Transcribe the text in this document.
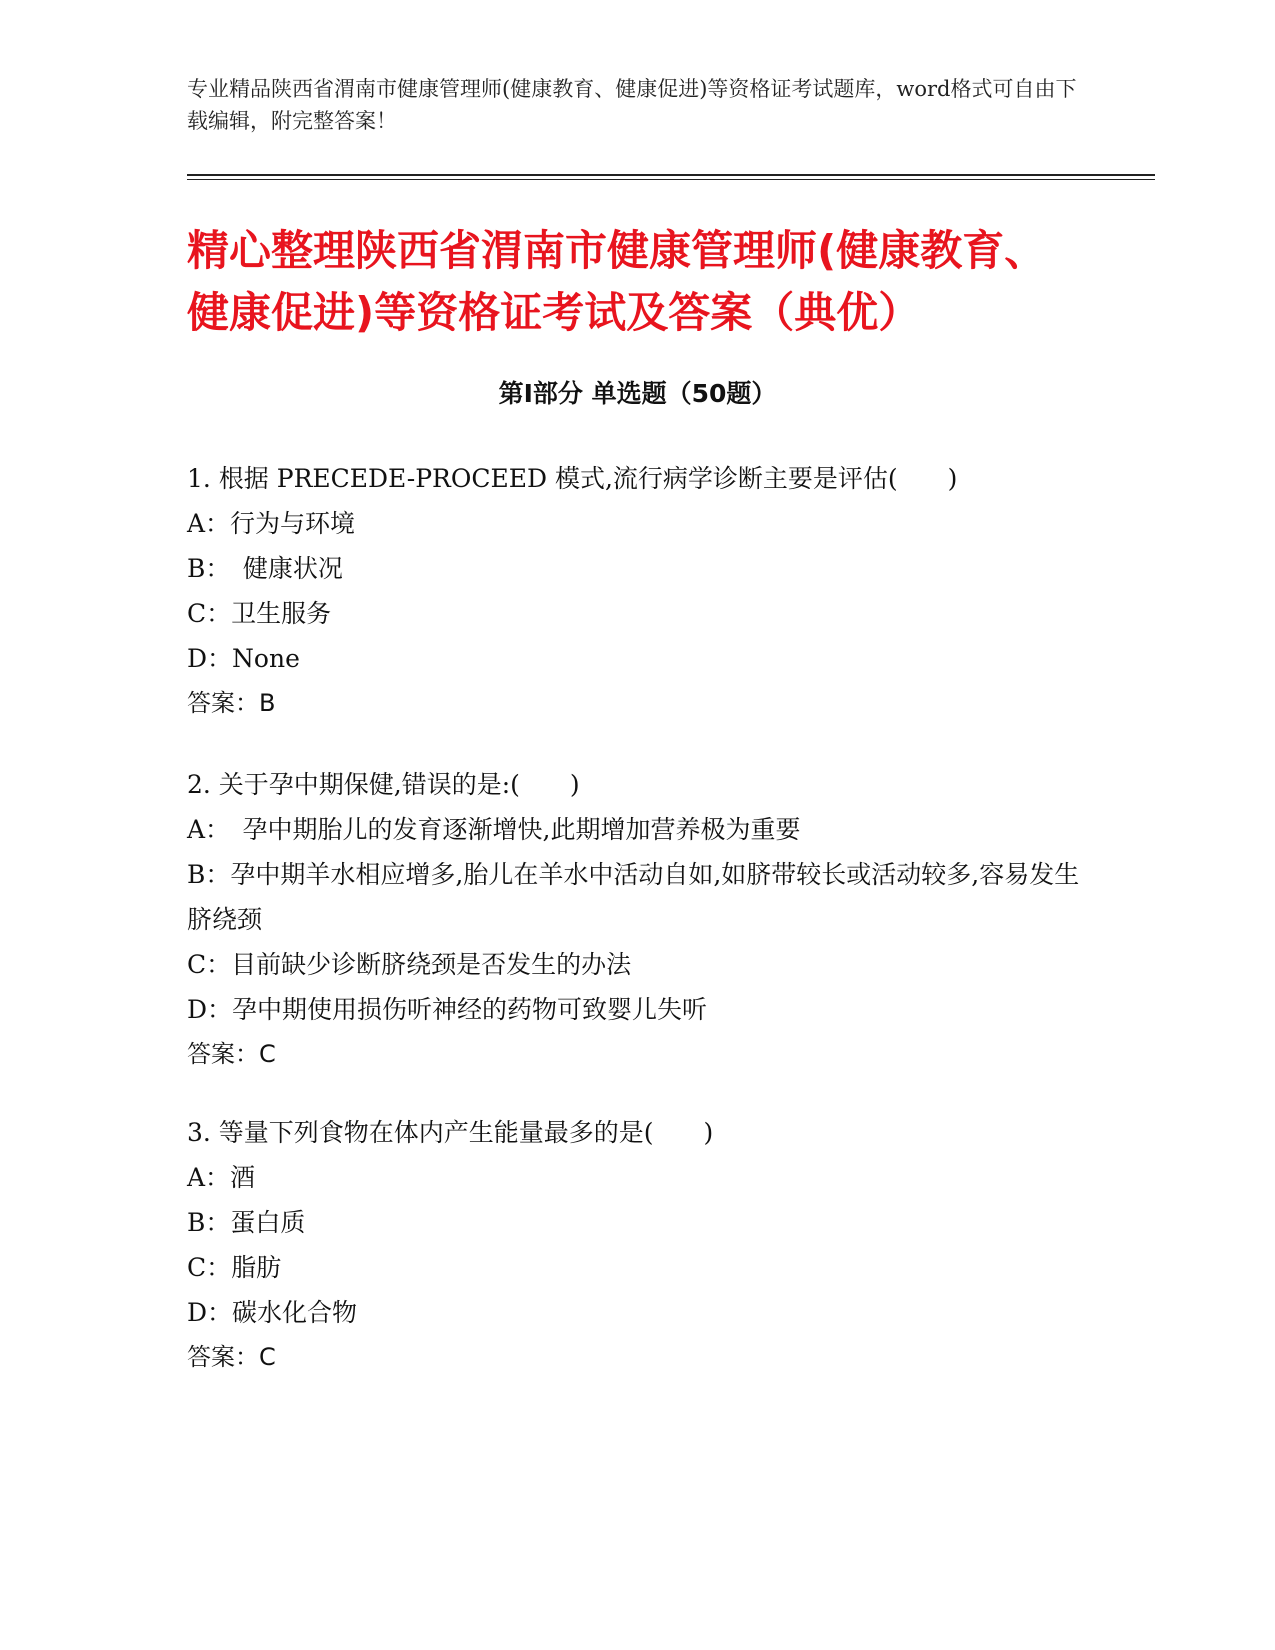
专业精品陕西省渭南市健康管理师(健康教育、健康促进)等资格证考试题库，word格式可自由下载编辑，附完整答案！
精心整理陕西省渭南市健康管理师(健康教育、健康促进)等资格证考试及答案（典优）
第Ⅰ部分 单选题（50题）

1. 根据 PRECEDE-PROCEED 模式,流行病学诊断主要是评估(　　)

A：行为与环境

B：　健康状况

C：卫生服务

D：None

答案：B

2. 关于孕中期保健,错误的是:(　　)

A：　孕中期胎儿的发育逐渐增快,此期增加营养极为重要

B：孕中期羊水相应增多,胎儿在羊水中活动自如,如脐带较长或活动较多,容易发生脐绕颈

C：目前缺少诊断脐绕颈是否发生的办法

D：孕中期使用损伤听神经的药物可致婴儿失听

答案：C

3. 等量下列食物在体内产生能量最多的是(　　)

A：酒

B：蛋白质

C：脂肪

D：碳水化合物

答案：C
